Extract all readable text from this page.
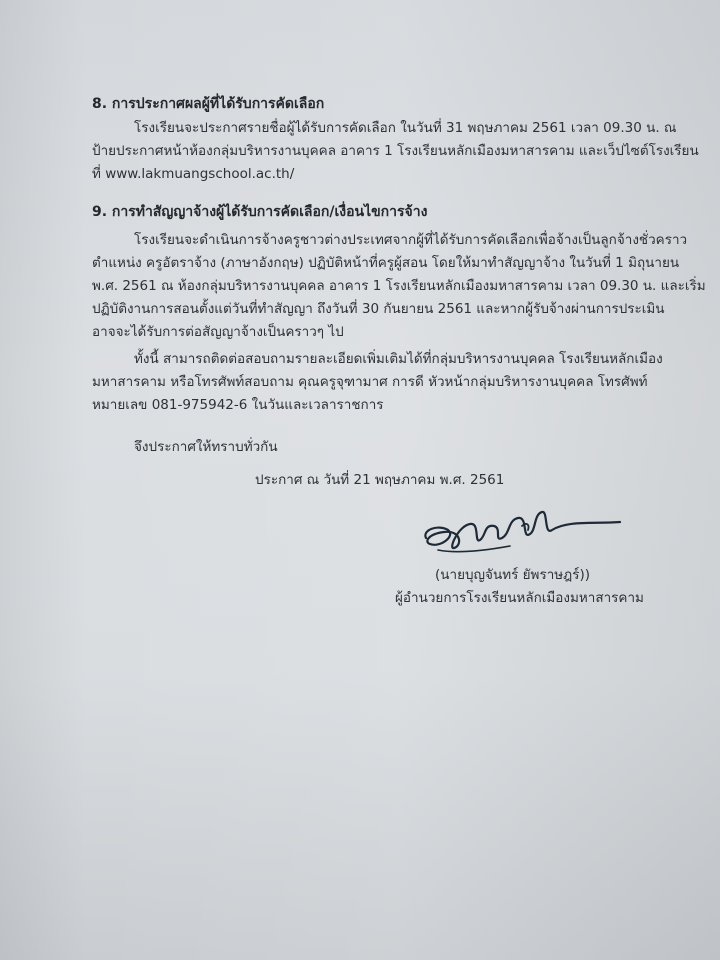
8. การประกาศผลผู้ที่ได้รับการคัดเลือก
โรงเรียนจะประกาศรายชื่อผู้ได้รับการคัดเลือก ในวันที่ 31 พฤษภาคม 2561 เวลา 09.30 น. ณ
ป้ายประกาศหน้าห้องกลุ่มบริหารงานบุคคล อาคาร 1 โรงเรียนหลักเมืองมหาสารคาม และเว็ปไซต์โรงเรียน
ที่ www.lakmuangschool.ac.th/
9. การทำสัญญาจ้างผู้ได้รับการคัดเลือก/เงื่อนไขการจ้าง
โรงเรียนจะดำเนินการจ้างครูชาวต่างประเทศจากผู้ที่ได้รับการคัดเลือกเพื่อจ้างเป็นลูกจ้างชั่วคราว
ตำแหน่ง ครูอัตราจ้าง (ภาษาอังกฤษ) ปฏิบัติหน้าที่ครูผู้สอน โดยให้มาทำสัญญาจ้าง ในวันที่ 1 มิถุนายน
พ.ศ. 2561 ณ ห้องกลุ่มบริหารงานบุคคล อาคาร 1 โรงเรียนหลักเมืองมหาสารคาม เวลา 09.30 น. และเริ่ม
ปฏิบัติงานการสอนตั้งแต่วันที่ทำสัญญา ถึงวันที่ 30 กันยายน 2561 และหากผู้รับจ้างผ่านการประเมิน
อาจจะได้รับการต่อสัญญาจ้างเป็นคราวๆ ไป
ทั้งนี้ สามารถติดต่อสอบถามรายละเอียดเพิ่มเติมได้ที่กลุ่มบริหารงานบุคคล โรงเรียนหลักเมือง
มหาสารคาม หรือโทรศัพท์สอบถาม คุณครูจุฑามาศ การดี หัวหน้ากลุ่มบริหารงานบุคคล โทรศัพท์
หมายเลข 081-975942-6 ในวันและเวลาราชการ
จึงประกาศให้ทราบทั่วกัน
ประกาศ ณ วันที่ 21 พฤษภาคม พ.ศ. 2561
(นายบุญจันทร์ ยัพราษฎร์))
ผู้อำนวยการโรงเรียนหลักเมืองมหาสารคาม
